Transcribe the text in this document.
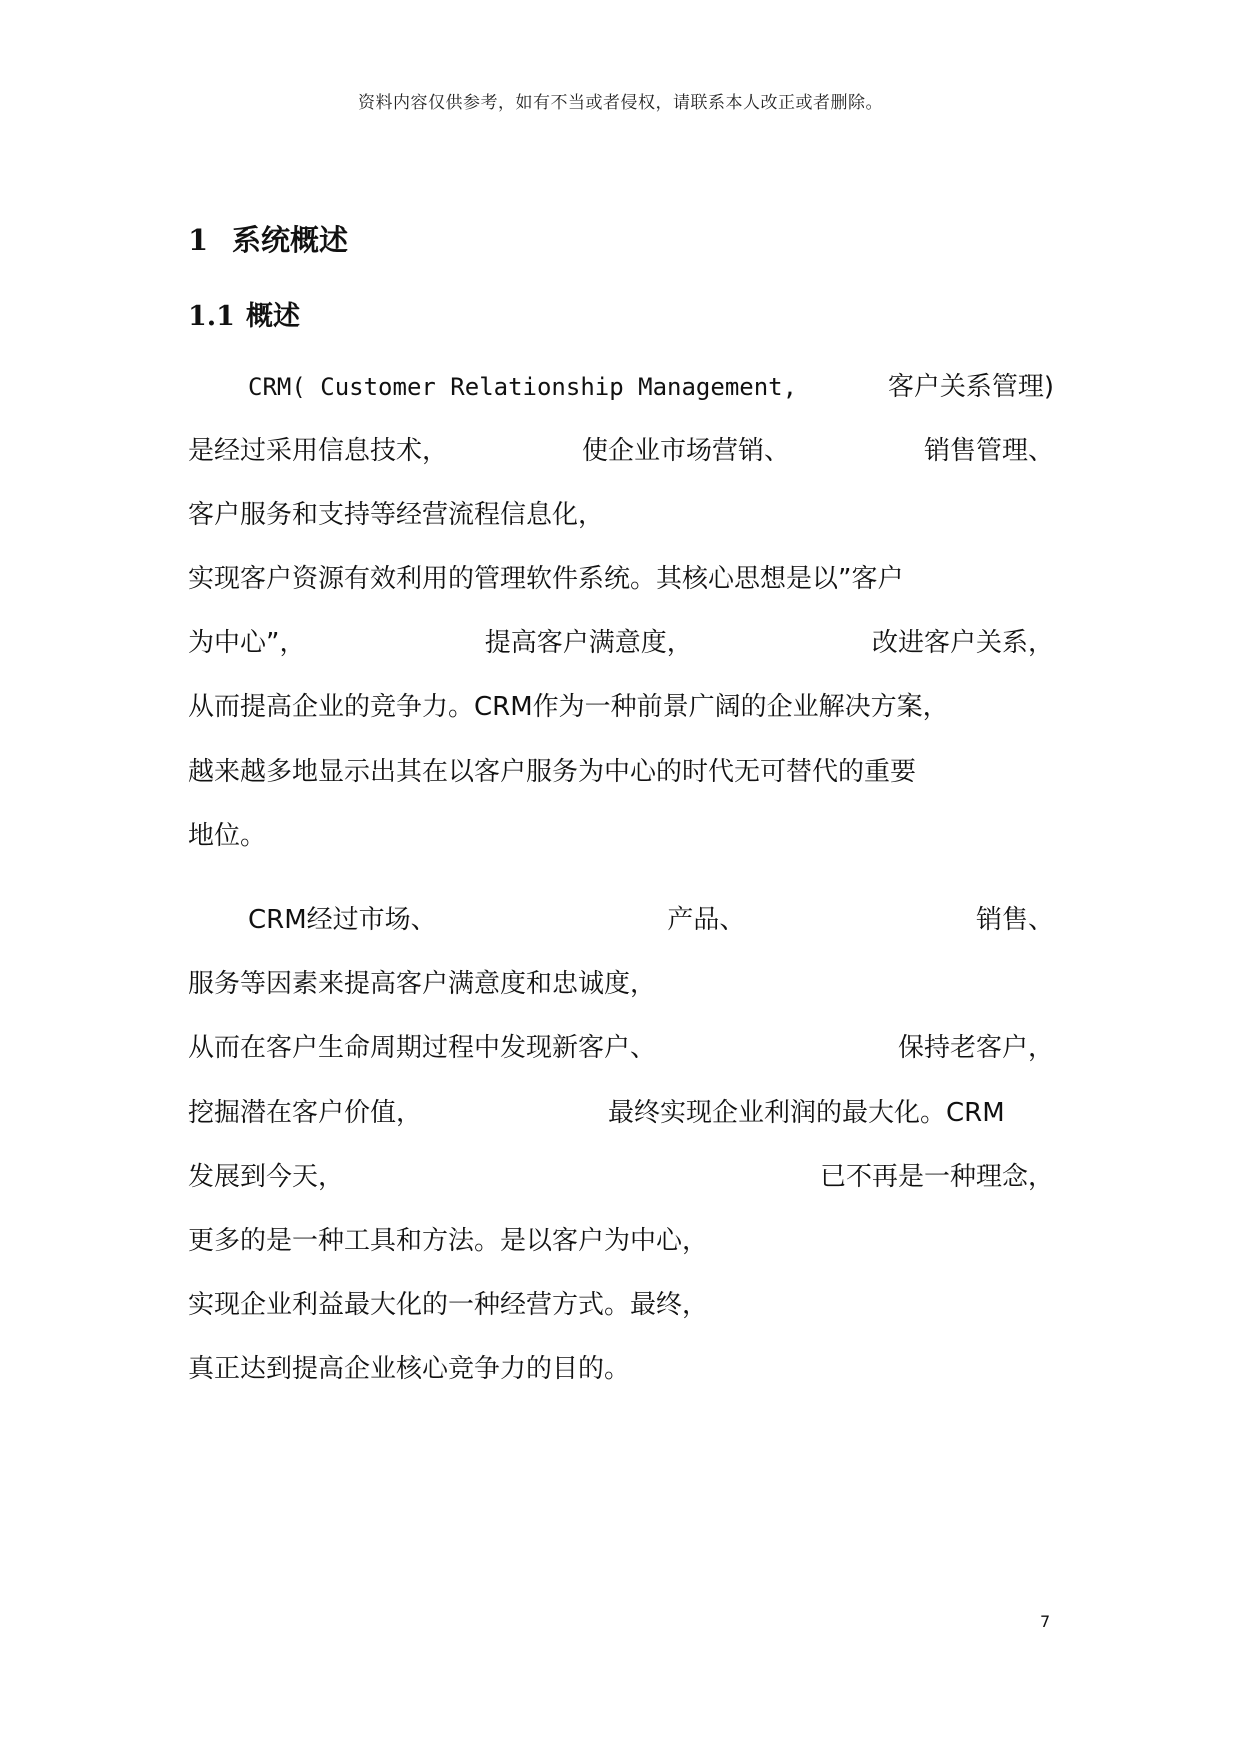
资料内容仅供参考，如有不当或者侵权，请联系本人改正或者删除。
1 系统概述
1.1 概述
CRM( Customer Relationship Management,	客户关系管理)
是经过采用信息技术，	使企业市场营销、	销售管理、
客户服务和支持等经营流程信息化，
实现客户资源有效利用的管理软件系统。其核心思想是以”客户
为中心”，	提高客户满意度，	改进客户关系，
从而提高企业的竞争力。CRM作为一种前景广阔的企业解决方案，
越来越多地显示出其在以客户服务为中心的时代无可替代的重要
地位。
CRM经过市场、	产品、	销售、
服务等因素来提高客户满意度和忠诚度，
从而在客户生命周期过程中发现新客户、	保持老客户，
挖掘潜在客户价值，	最终实现企业利润的最大化。CRM
发展到今天，	已不再是一种理念，
更多的是一种工具和方法。是以客户为中心，
实现企业利益最大化的一种经营方式。最终，
真正达到提高企业核心竞争力的目的。
7
